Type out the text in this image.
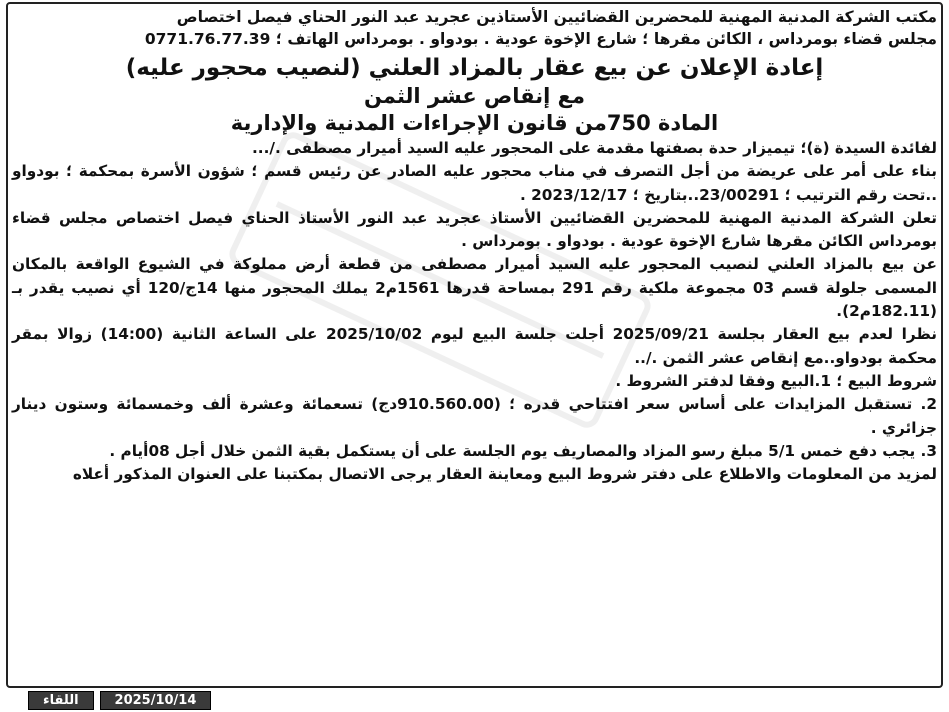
مكتب الشركة المدنية المهنية للمحضرين القضائيين الأستاذين عجريد عبد النور الحناي فيصل اختصاص

مجلس قضاء بومرداس ، الكائن مقرها ؛ شارع الإخوة عودية . بودواو . بومرداس الهاتف ؛ 0771.76.77.39

إعادة الإعلان عن بيع عقار بالمزاد العلني (لنصيب محجور عليه)

مع إنقاص عشر الثمن

المادة 750من قانون الإجراءات المدنية والإدارية

لفائدة السيدة (ة)؛ تيميزار حدة بصفتها مقدمة على المحجور عليه السيد أميرار مصطفى ./...

بناء على أمر على عريضة من أجل التصرف في مناب محجور عليه الصادر عن رئيس قسم ؛ شؤون الأسرة بمحكمة ؛ بودواو ..تحت رقم الترتيب ؛ 23/00291..بتاريخ ؛ 2023/12/17 .

تعلن الشركة المدنية المهنية للمحضرين القضائيين الأستاذ عجريد عبد النور الأستاذ الحناي فيصل اختصاص مجلس قضاء بومرداس الكائن مقرها شارع الإخوة عودية . بودواو . بومرداس .

عن بيع بالمزاد العلني لنصيب المحجور عليه السيد أميرار مصطفى من قطعة أرض مملوكة في الشيوع الواقعة بالمكان المسمى جلولة قسم 03 مجموعة ملكية رقم 291 بمساحة قدرها 1561م2 يملك المحجور منها 14ج/120 أي نصيب يقدر بـ (182.11م2).

نظرا لعدم بيع العقار بجلسة 2025/09/21 أجلت جلسة البيع ليوم 2025/10/02 على الساعة الثانية (14:00) زوالا بمقر محكمة بودواو..مع إنقاص عشر الثمن ./..

شروط البيع ؛ 1.البيع وفقا لدفتر الشروط .

2. تستقبل المزايدات على أساس سعر افتتاحي قدره ؛ (910.560.00دج) تسعمائة وعشرة ألف وخمسمائة وستون دينار جزائري .

3. يجب دفع خمس 5/1 مبلغ رسو المزاد والمصاريف يوم الجلسة على أن يستكمل بقية الثمن خلال أجل 08أيام .

لمزيد من المعلومات والاطلاع على دفتر شروط البيع ومعاينة العقار يرجى الاتصال بمكتبنا على العنوان المذكور أعلاه

اللقاء	2025/10/14
